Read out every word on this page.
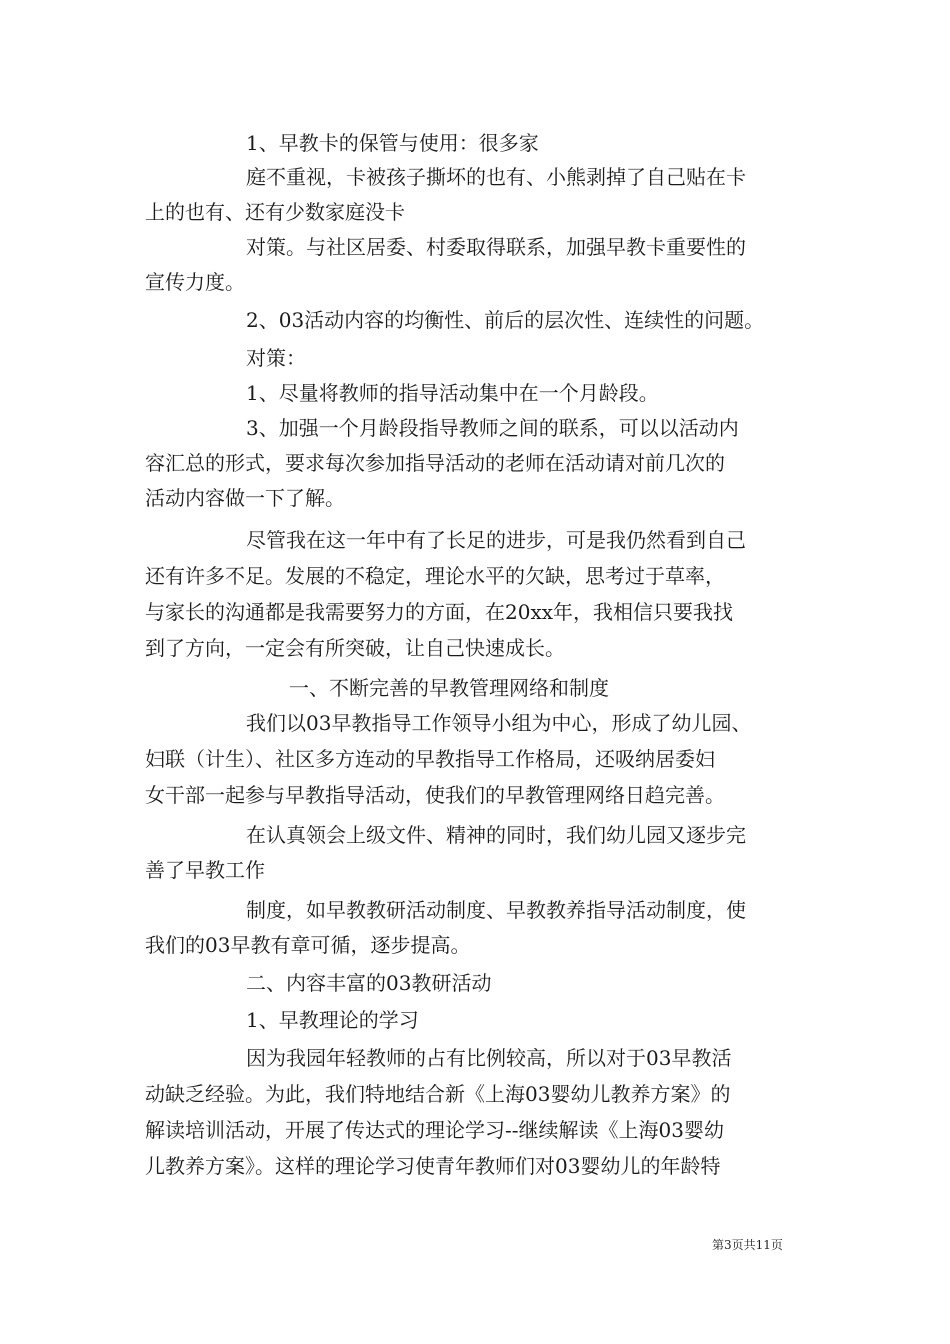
1、早教卡的保管与使用：很多家
庭不重视，卡被孩子撕坏的也有、小熊剥掉了自己贴在卡
上的也有、还有少数家庭没卡
对策。与社区居委、村委取得联系，加强早教卡重要性的
宣传力度。
2、03活动内容的均衡性、前后的层次性、连续性的问题。
对策：
1、尽量将教师的指导活动集中在一个月龄段。
3、加强一个月龄段指导教师之间的联系，可以以活动内
容汇总的形式，要求每次参加指导活动的老师在活动请对前几次的
活动内容做一下了解。
尽管我在这一年中有了长足的进步，可是我仍然看到自己
还有许多不足。发展的不稳定，理论水平的欠缺，思考过于草率，
与家长的沟通都是我需要努力的方面，在20xx年，我相信只要我找
到了方向，一定会有所突破，让自己快速成长。
一、不断完善的早教管理网络和制度
我们以03早教指导工作领导小组为中心，形成了幼儿园、
妇联（计生）、社区多方连动的早教指导工作格局，还吸纳居委妇
女干部一起参与早教指导活动，使我们的早教管理网络日趋完善。
在认真领会上级文件、精神的同时，我们幼儿园又逐步完
善了早教工作
制度，如早教教研活动制度、早教教养指导活动制度，使
我们的03早教有章可循，逐步提高。
二、内容丰富的03教研活动
1、早教理论的学习
因为我园年轻教师的占有比例较高，所以对于03早教活
动缺乏经验。为此，我们特地结合新《上海03婴幼儿教养方案》的
解读培训活动，开展了传达式的理论学习--继续解读《上海03婴幼
儿教养方案》。这样的理论学习使青年教师们对03婴幼儿的年龄特
第3页共11页
